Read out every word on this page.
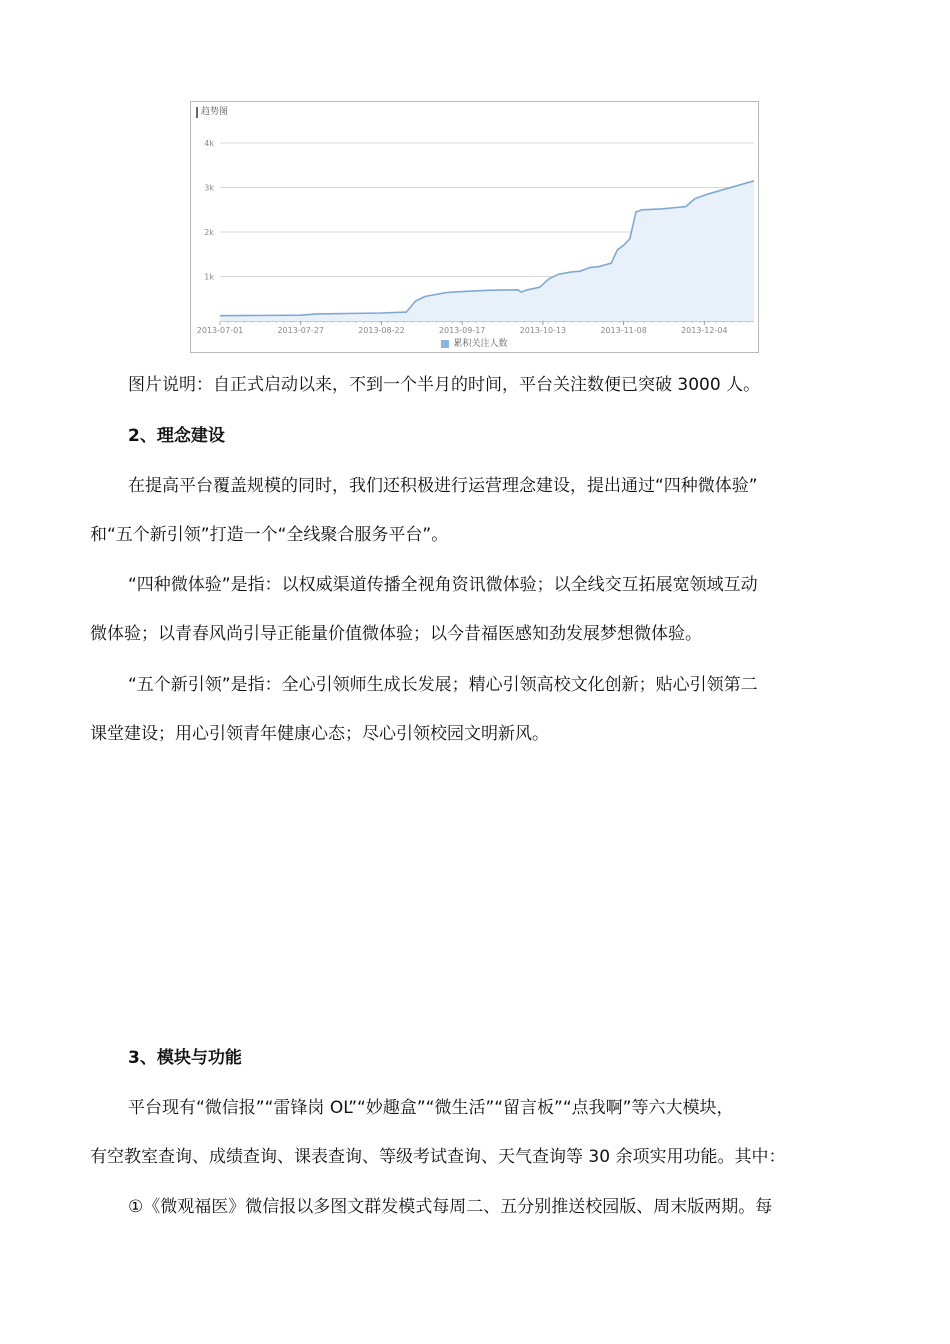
趋势图
4k
3k
2k
1k
2013-07-01	2013-07-27	2013-08-22	2013-09-17	2013-10-13	2013-11-08	2013-12-04
累积关注人数
图片说明：自正式启动以来，不到一个半月的时间，平台关注数便已突破 3000 人。
2、理念建设
在提高平台覆盖规模的同时，我们还积极进行运营理念建设，提出通过“四种微体验”
和“五个新引领”打造一个“全线聚合服务平台”。
“四种微体验”是指：以权威渠道传播全视角资讯微体验；以全线交互拓展宽领域互动
微体验；以青春风尚引导正能量价值微体验；以今昔福医感知劲发展梦想微体验。
“五个新引领”是指：全心引领师生成长发展；精心引领高校文化创新；贴心引领第二
课堂建设；用心引领青年健康心态；尽心引领校园文明新风。
3、模块与功能
平台现有“微信报”“雷锋岗 OL”“妙趣盒”“微生活”“留言板”“点我啊”等六大模块，
有空教室查询、成绩查询、课表查询、等级考试查询、天气查询等 30 余项实用功能。其中：
①《微观福医》微信报以多图文群发模式每周二、五分别推送校园版、周末版两期。每
